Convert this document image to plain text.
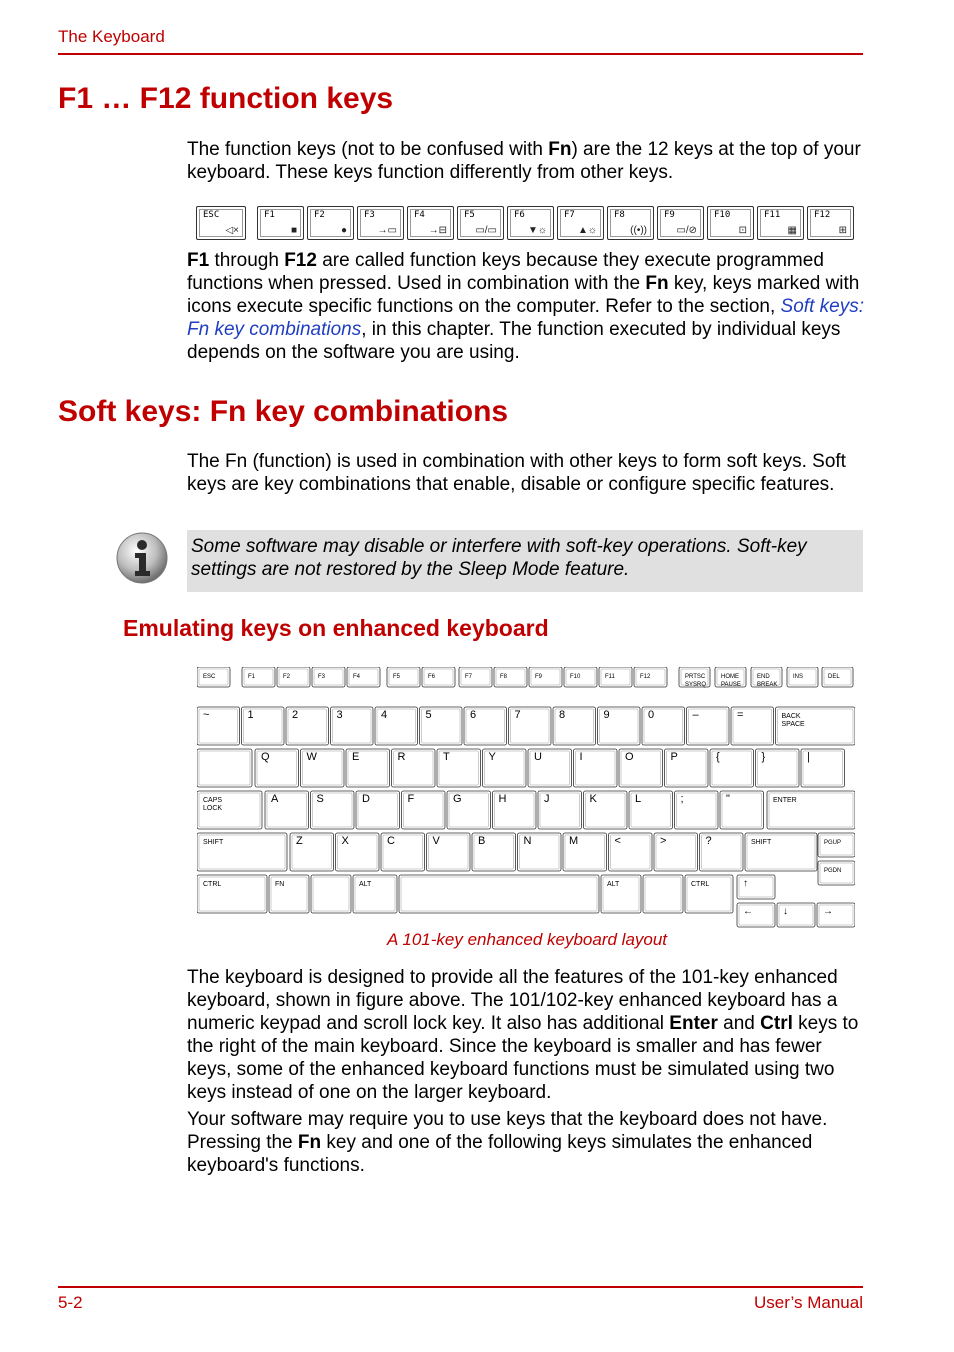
The Keyboard
F1 … F12 function keys

The function keys (not to be confused with Fn) are the 12 keys at the top of your keyboard. These keys function differently from other keys.

ESC
◁×
F1
■
F2
●
F3
→▭
F4
→⊟
F5
▭/▭
F6
▼☼
F7
▲☼
F8
((•))
F9
▭/⊘
F10
⊡
F11
▦
F12
⊞

F1 through F12 are called function keys because they execute programmed functions when pressed. Used in combination with the Fn key, keys marked with icons execute specific functions on the computer. Refer to the section, Soft keys: Fn key combinations, in this chapter. The function executed by individual keys depends on the software you are using.

Soft keys: Fn key combinations

The Fn (function) is used in combination with other keys to form soft keys. Soft keys are key combinations that enable, disable or configure specific features.

Some software may disable or interfere with soft-key operations. Soft-key settings are not restored by the Sleep Mode feature.
Emulating keys on enhanced keyboard
ESC	F1	F2	F3	F4	F5	F6	F7	F8	F9	F10	F11	F12	PRTSC
SYSRQ
HOME
PAUSE
END
BREAK
INS	DEL
~	1	2	3	4	5	6	7	8	9	0	–	=	BACK
SPACE
Q	W	E	R	T	Y	U	I	O	P	{	}	|
CAPS
LOCK
A	S	D	F	G	H	J	K	L	;	"	ENTER
SHIFT	Z	X	C	V	B	N	M	<	>	?	SHIFT	PGUP
CTRL	FN	ALT	ALT	CTRL	↑
PGDN
←	↓	→
A 101-key enhanced keyboard layout

The keyboard is designed to provide all the features of the 101-key enhanced keyboard, shown in figure above. The 101/102-key enhanced keyboard has a numeric keypad and scroll lock key. It also has additional Enter and Ctrl keys to the right of the main keyboard. Since the keyboard is smaller and has fewer keys, some of the enhanced keyboard functions must be simulated using two keys instead of one on the larger keyboard.

Your software may require you to use keys that the keyboard does not have. Pressing the Fn key and one of the following keys simulates the enhanced keyboard's functions.

5-2	User’s Manual
